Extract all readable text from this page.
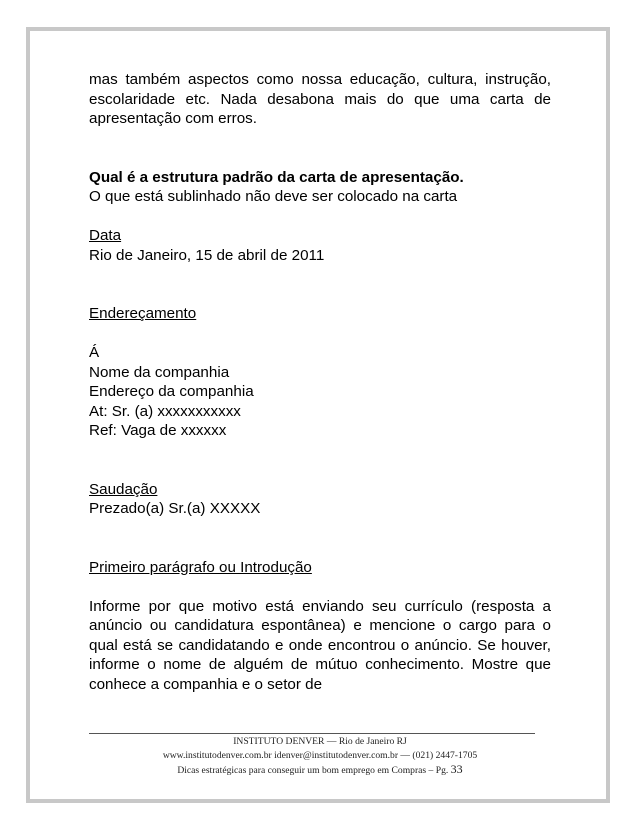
mas também aspectos como nossa educação, cultura, instrução, escolaridade etc. Nada desabona mais do que uma carta de apresentação com erros.

Qual é a estrutura padrão da carta de apresentação.

O que está sublinhado não deve ser colocado na carta

Data

Rio de Janeiro, 15 de abril de 2011

Endereçamento

Á

Nome da companhia

Endereço da companhia

At: Sr. (a) xxxxxxxxxxx

Ref: Vaga de xxxxxx

Saudação

Prezado(a) Sr.(a) XXXXX

Primeiro parágrafo ou Introdução

Informe por que motivo está enviando seu currículo (resposta a anúncio ou candidatura espontânea) e mencione o cargo para o qual está se candidatando e onde encontrou o anúncio. Se houver, informe o nome de alguém de mútuo conhecimento. Mostre que conhece a companhia e o setor de

INSTITUTO DENVER — Rio de Janeiro RJ
www.institutodenver.com.br idenver@institutodenver.com.br — (021) 2447-1705
Dicas estratégicas para conseguir um bom emprego em Compras – Pg. 33
